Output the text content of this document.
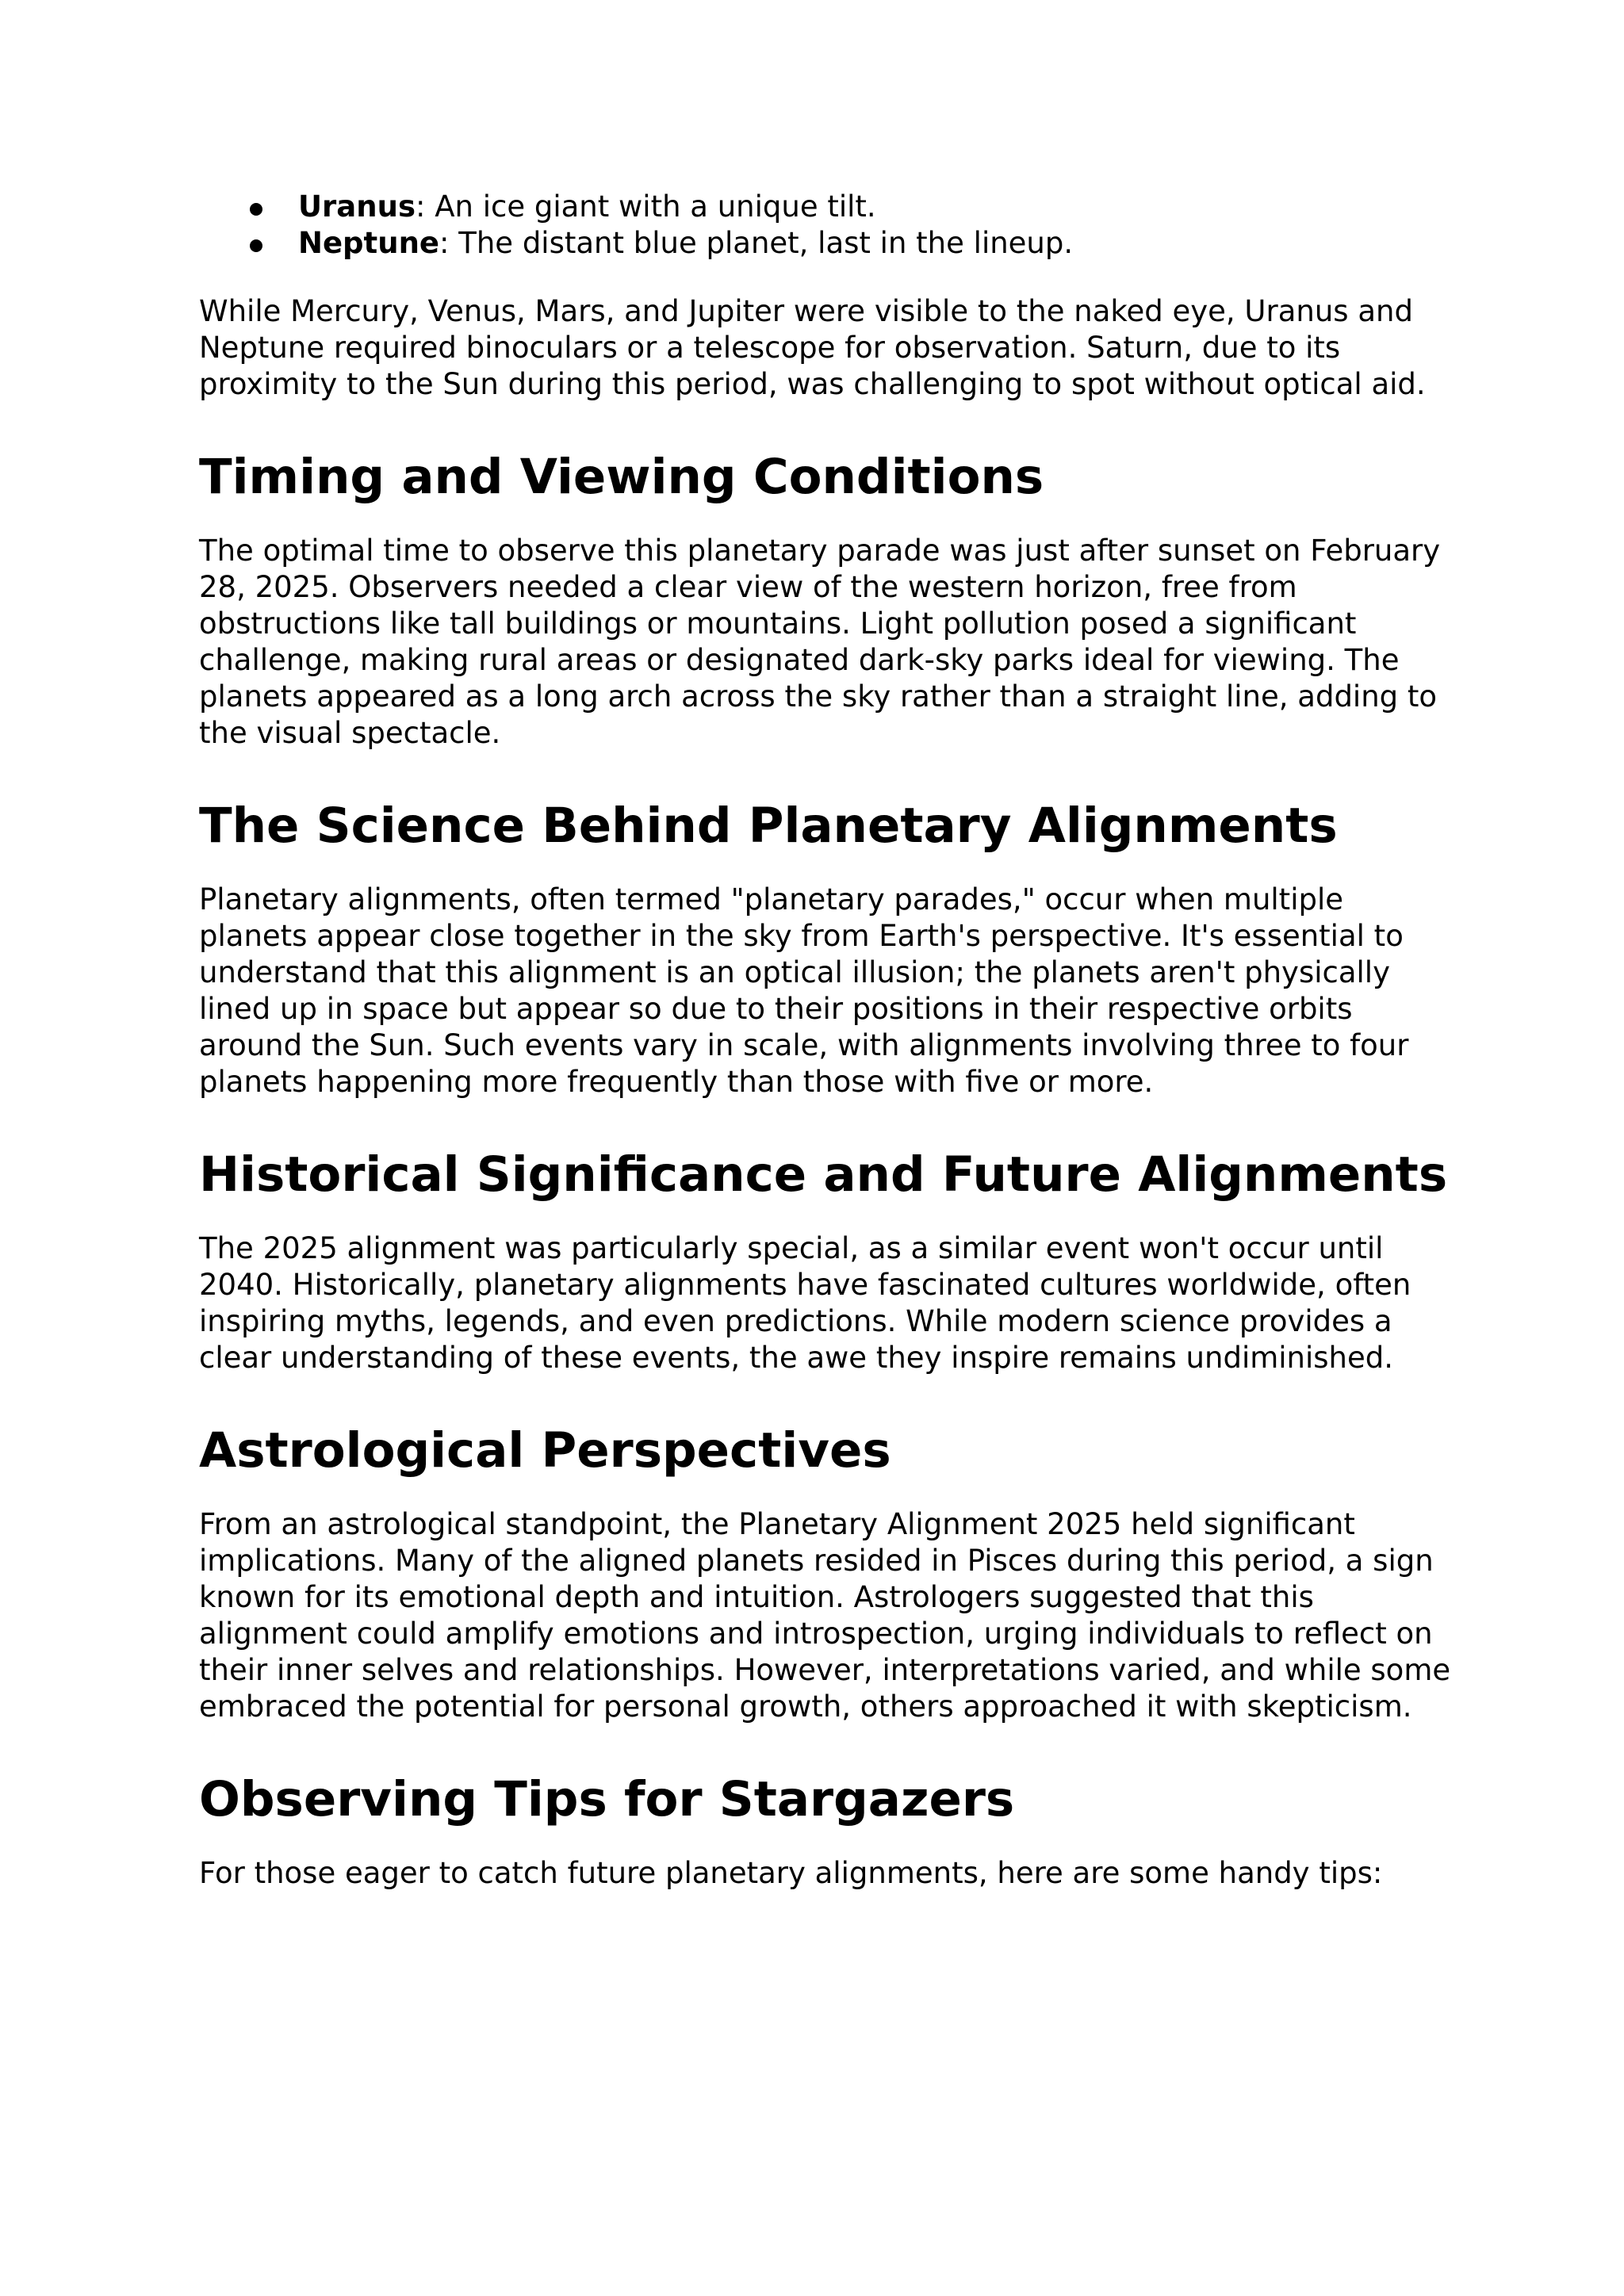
Uranus: An ice giant with a unique tilt.
Neptune: The distant blue planet, last in the lineup.

While Mercury, Venus, Mars, and Jupiter were visible to the naked eye, Uranus and Neptune required binoculars or a telescope for observation. Saturn, due to its proximity to the Sun during this period, was challenging to spot without optical aid.

Timing and Viewing Conditions

The optimal time to observe this planetary parade was just after sunset on February 28, 2025. Observers needed a clear view of the western horizon, free from obstructions like tall buildings or mountains. Light pollution posed a significant challenge, making rural areas or designated dark-sky parks ideal for viewing. The planets appeared as a long arch across the sky rather than a straight line, adding to the visual spectacle.

The Science Behind Planetary Alignments

Planetary alignments, often termed "planetary parades," occur when multiple planets appear close together in the sky from Earth's perspective. It's essential to understand that this alignment is an optical illusion; the planets aren't physically lined up in space but appear so due to their positions in their respective orbits around the Sun. Such events vary in scale, with alignments involving three to four planets happening more frequently than those with five or more.

Historical Significance and Future Alignments

The 2025 alignment was particularly special, as a similar event won't occur until 2040. Historically, planetary alignments have fascinated cultures worldwide, often inspiring myths, legends, and even predictions. While modern science provides a clear understanding of these events, the awe they inspire remains undiminished.

Astrological Perspectives

From an astrological standpoint, the Planetary Alignment 2025 held significant implications. Many of the aligned planets resided in Pisces during this period, a sign known for its emotional depth and intuition. Astrologers suggested that this alignment could amplify emotions and introspection, urging individuals to reflect on their inner selves and relationships. However, interpretations varied, and while some embraced the potential for personal growth, others approached it with skepticism.

Observing Tips for Stargazers

For those eager to catch future planetary alignments, here are some handy tips:
